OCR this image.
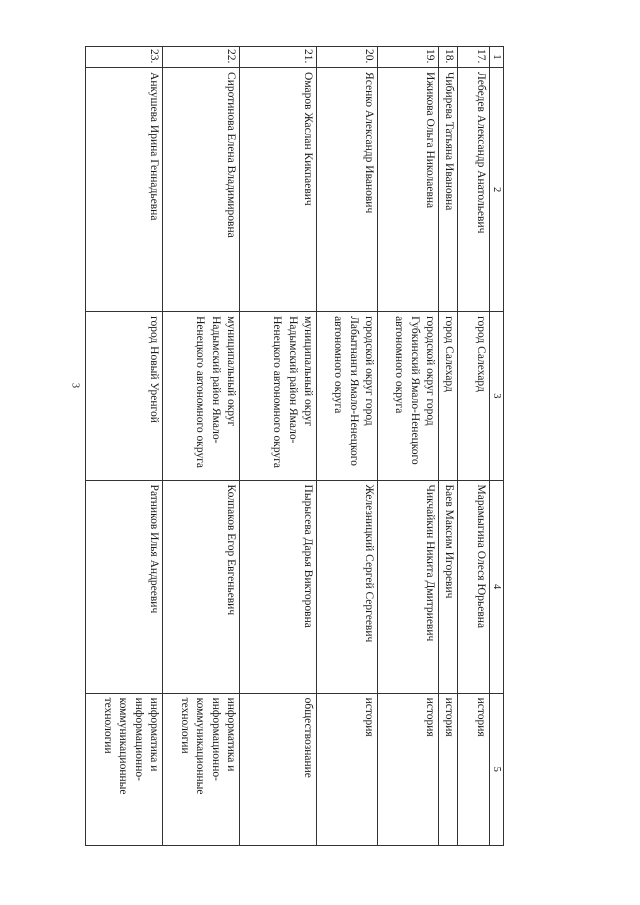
3
1	2	3	4	5
17.	Лебедев Александр Анатольевич	город Салехард	Марамыгина Олеся Юрьевна	история
18.	Чибирева Татьяна Ивановна	город Салехард	Баев Максим Игоревич	история
19.	Ижикова Ольга Николаевна	городской округ город Губкинский Ямало-Ненецкого автономного округа	Чикчайкин Никита Дмитриевич	история
20.	Ясенко Александр Иванович	городской округ город Лабытнанги Ямало-Ненецкого автономного округа	Железницкий Сергей Сергеевич	история
21.	Омаров Жаслан Кикпаевич	муниципальный округ Надымский район Ямало-Ненецкого автономного округа	Пырысева Дарья Викторовна	обществознание
22.	Сиротинова Елена Владимировна	муниципальный округ Надымский район Ямало-Ненецкого автономного округа	Колпаков Егор Евгеньевич	информатика и информационно-коммуникационные технологии
23.	Анкушева Ирина Геннадьевна	город Новый Уренгой	Ратников Илья Андреевич	информатика и информационно-коммуникационные технологии
